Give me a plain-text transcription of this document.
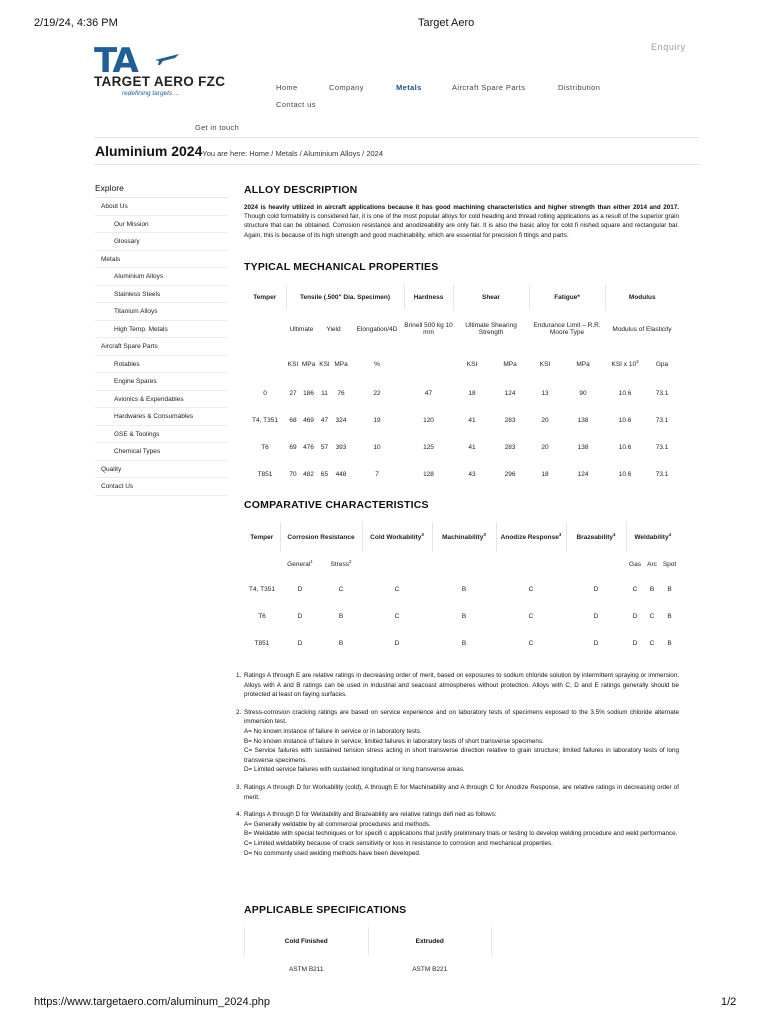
2/19/24, 4:36 PM	Target Aero
TA
TARGET AERO FZC
redefining targets ...
Enquiry
Home	Company	Metals	Aircraft Spare Parts	Distribution
Contact us
Get in touch
Aluminium 2024You are here: Home / Metals / Aluminium Alloys / 2024
Explore
About Us
Our Mission
Glossary
Metals
Aluminium Alloys
Stainless Steels
Titanium Alloys
High Temp. Metals
Aircraft Spare Parts
Rotables
Engine Spares
Avionics & Expendables
Hardwares & Consumables
GSE & Toolings
Chemical Types
Quality
Contact Us
ALLOY DESCRIPTION
2024 is heavily utilized in aircraft applications because it has good machining characteristics and higher strength than either 2014 and 2017. Though cold formability is considered fair, it is one of the most popular alloys for cold heading and thread rolling applications as a result of the superior grain structure that can be obtained. Corrosion resistance and anodizeability are only fair. It is also the basic alloy for cold fi nished square and rectangular bar. Again, this is because of its high strength and good machinability, which are essential for precision fi ttings and parts.
TYPICAL MECHANICAL PROPERTIES
Temper	Tensile (.500" Dia. Specimen)					Hardness	Shear		Fatigue*		Modulus	
	Ultimate		Yield		Elongation/4D	Brinell 500 kg 10 mm	Ultimate Shearing Strength		Endurance Limit – R.R. Moore Type		Modulus of Elasticity	
	KSI	MPa	KSI	MPa	%		KSI	MPa	KSI	MPa	KSI x $10^3$	Gpa
0	27	186	11	76	22	47	18	124	13	90	10.6	73.1
T4, T351	68	469	47	324	19	120	41	283	20	138	10.6	73.1
T6	69	476	57	393	10	125	41	283	20	138	10.6	73.1
T851	70	482	65	448	7	128	43	296	18	124	10.6	73.1
COMPARATIVE CHARACTERISTICS
Temper	Corrosion Resistance		Cold Workability$^3$	Machinability$^3$	Anodize Response$^3$	Brazeability$^4$	Weldability$^4$
	General$^1$	Stress$^2$					Gas	Arc	Spot
T4, T351	D	C	C	B	C	D	C	B	B
T6	D	B	C	B	C	D	D	C	B
T851	D	B	D	B	C	D	D	C	B
1. Ratings A through E are relative ratings in decreasing order of merit, based on exposures to sodium chloride solution by intermittent spraying or immersion. Alloys with A and B ratings can be used in industrial and seacoast atmospheres without protection. Alloys with C, D and E ratings generally should be protected at least on faying surfaces.
2. Stress-corrosion cracking ratings are based on service experience and on laboratory tests of specimens exposed to the 3.5% sodium chloride alternate immersion test.
A= No known instance of failure in service or in laboratory tests.
B= No known instance of failure in service; limited failures in laboratory tests of short transverse specimens.
C= Service failures with sustained tension stress acting in short transverse direction relative to grain structure; limited failures in laboratory tests of long transverse specimens.
D= Limited service failures with sustained longitudinal or long transverse areas.
3. Ratings A through D for Workability (cold), A through E for Machinability and A through C for Anodize Response, are relative ratings in decreasing order of merit.
4. Ratings A through D for Weldability and Brazeability are relative ratings defi ned as follows:
A= Generally weldable by all commercial procedures and methods.
B= Weldable with special techniques or for specifi c applications that justify preliminary trials or testing to develop welding procedure and weld performance.
C= Limited weldability because of crack sensitivity or loss in resistance to corrosion and mechanical properties.
D= No commonly used welding methods have been developed.
APPLICABLE SPECIFICATIONS
Cold Finished	Extruded
ASTM B211	ASTM B221
https://www.targetaero.com/aluminum_2024.php	1/2
